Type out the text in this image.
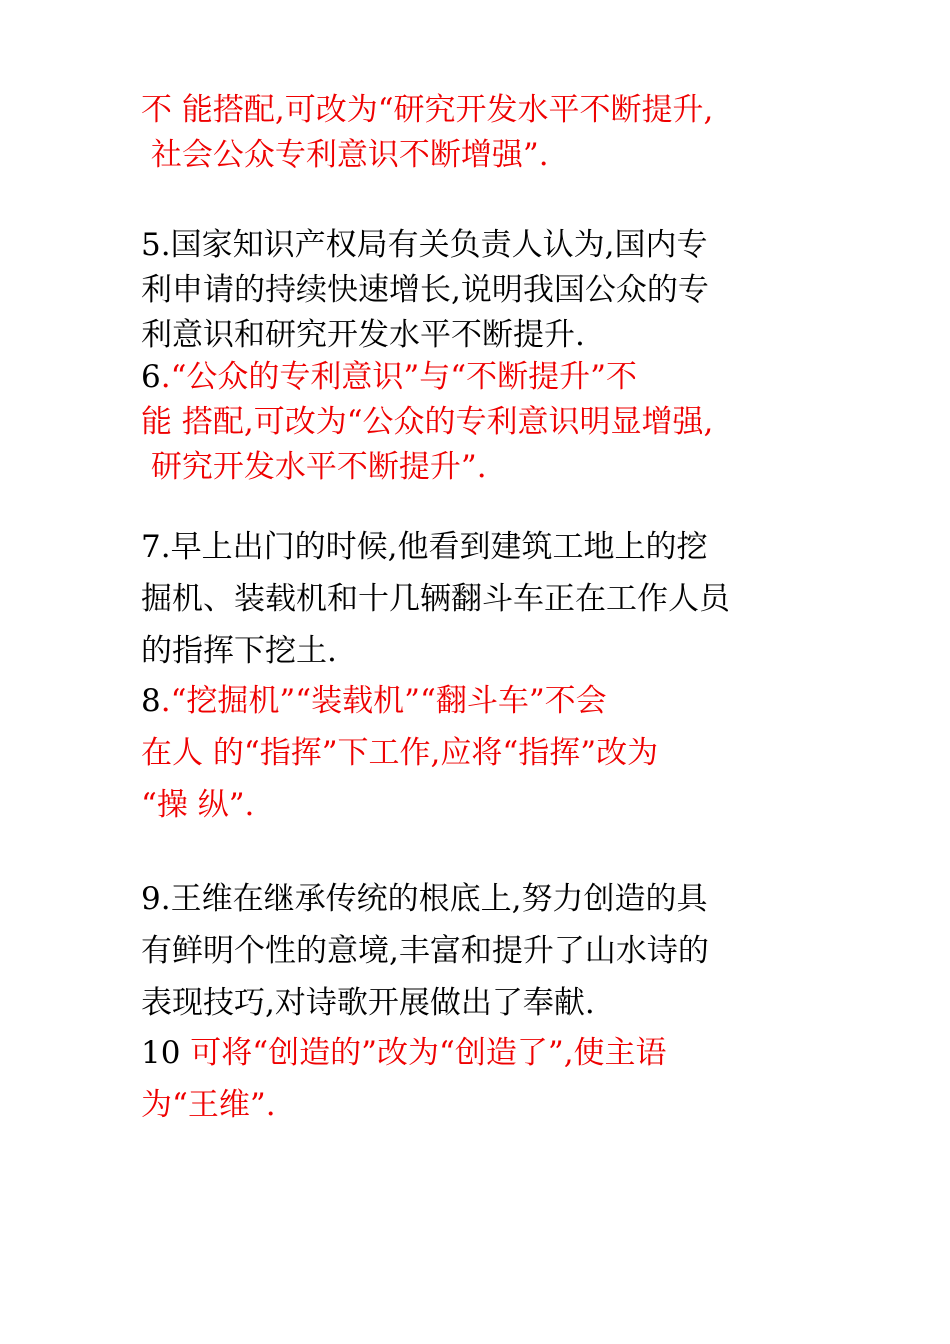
不 能搭配,可改为“研究开发水平不断提升,
社会公众专利意识不断增强”.
5.国家知识产权局有关负责人认为,国内专
利申请的持续快速增长,说明我国公众的专
利意识和研究开发水平不断提升.
6.“公众的专利意识”与“不断提升”不
能 搭配,可改为“公众的专利意识明显增强,
研究开发水平不断提升”.
7.早上出门的时候,他看到建筑工地上的挖
掘机、装载机和十几辆翻斗车正在工作人员
的指挥下挖土.
8.“挖掘机”“装载机”“翻斗车”不会
在人 的“指挥”下工作,应将“指挥”改为
“操 纵”.
9.王维在继承传统的根底上,努力创造的具
有鲜明个性的意境,丰富和提升了山水诗的
表现技巧,对诗歌开展做出了奉献.
10 可将“创造的”改为“创造了”,使主语
为“王维”.
